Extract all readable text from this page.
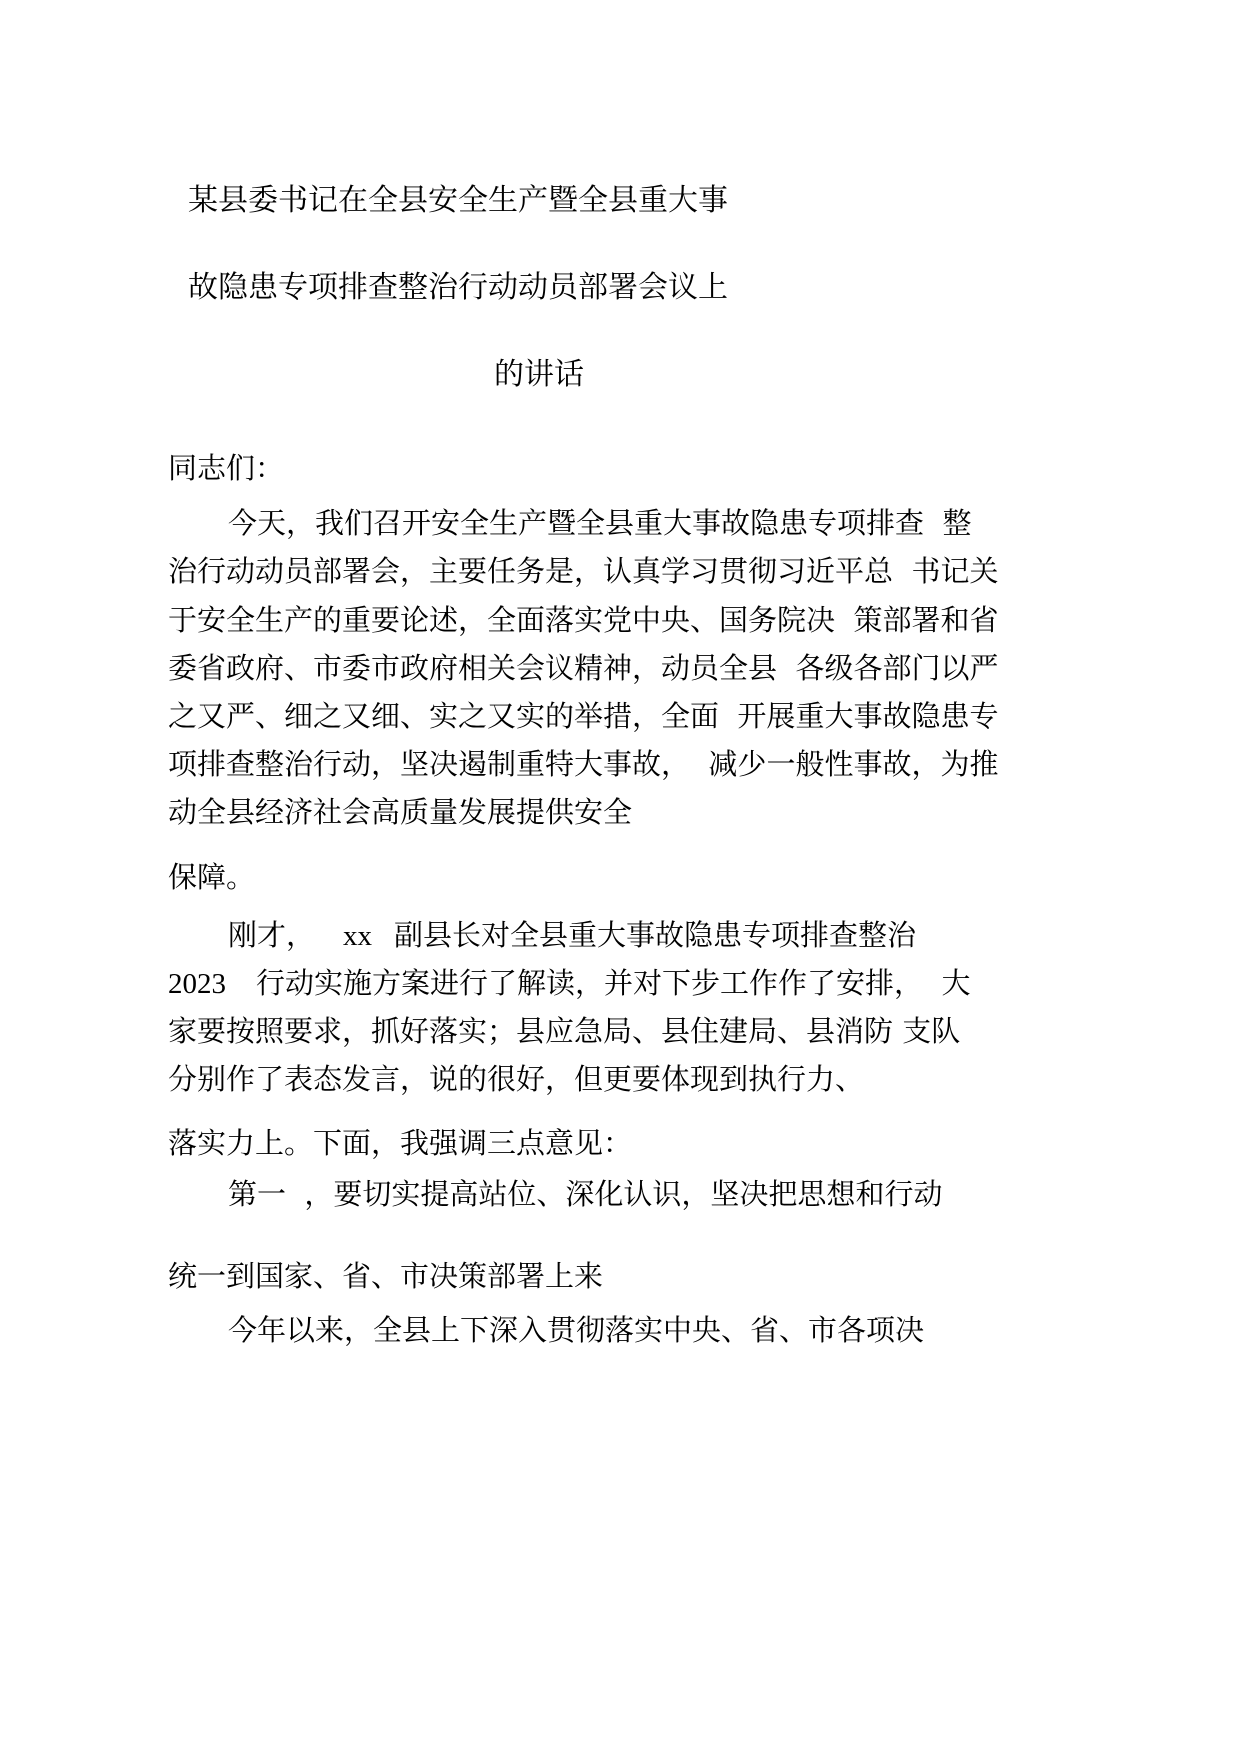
某县委书记在全县安全生产暨全县重大事

故隐患专项排查整治行动动员部署会议上

的讲话

同志们：

今天，我们召开安全生产暨全县重大事故隐患专项排查  整

治行动动员部署会，主要任务是，认真学习贯彻习近平总  书记关

于安全生产的重要论述，全面落实党中央、国务院决  策部署和省

委省政府、市委市政府相关会议精神，动员全县  各级各部门以严

之又严、细之又细、实之又实的举措，全面  开展重大事故隐患专

项排查整治行动，坚决遏制重特大事故，  减少一般性事故，为推

动全县经济社会高质量发展提供安全

保障。

刚才， xx 副县长对全县重大事故隐患专项排查整治

2023 行动实施方案进行了解读，并对下步工作作了安排，  大

家要按照要求，抓好落实；县应急局、县住建局、县消防 支队

分别作了表态发言，说的很好，但更要体现到执行力、

落实力上。下面，我强调三点意见：

第一  ，要切实提高站位、深化认识，坚决把思想和行动

统一到国家、省、市决策部署上来

今年以来，全县上下深入贯彻落实中央、省、市各项决
